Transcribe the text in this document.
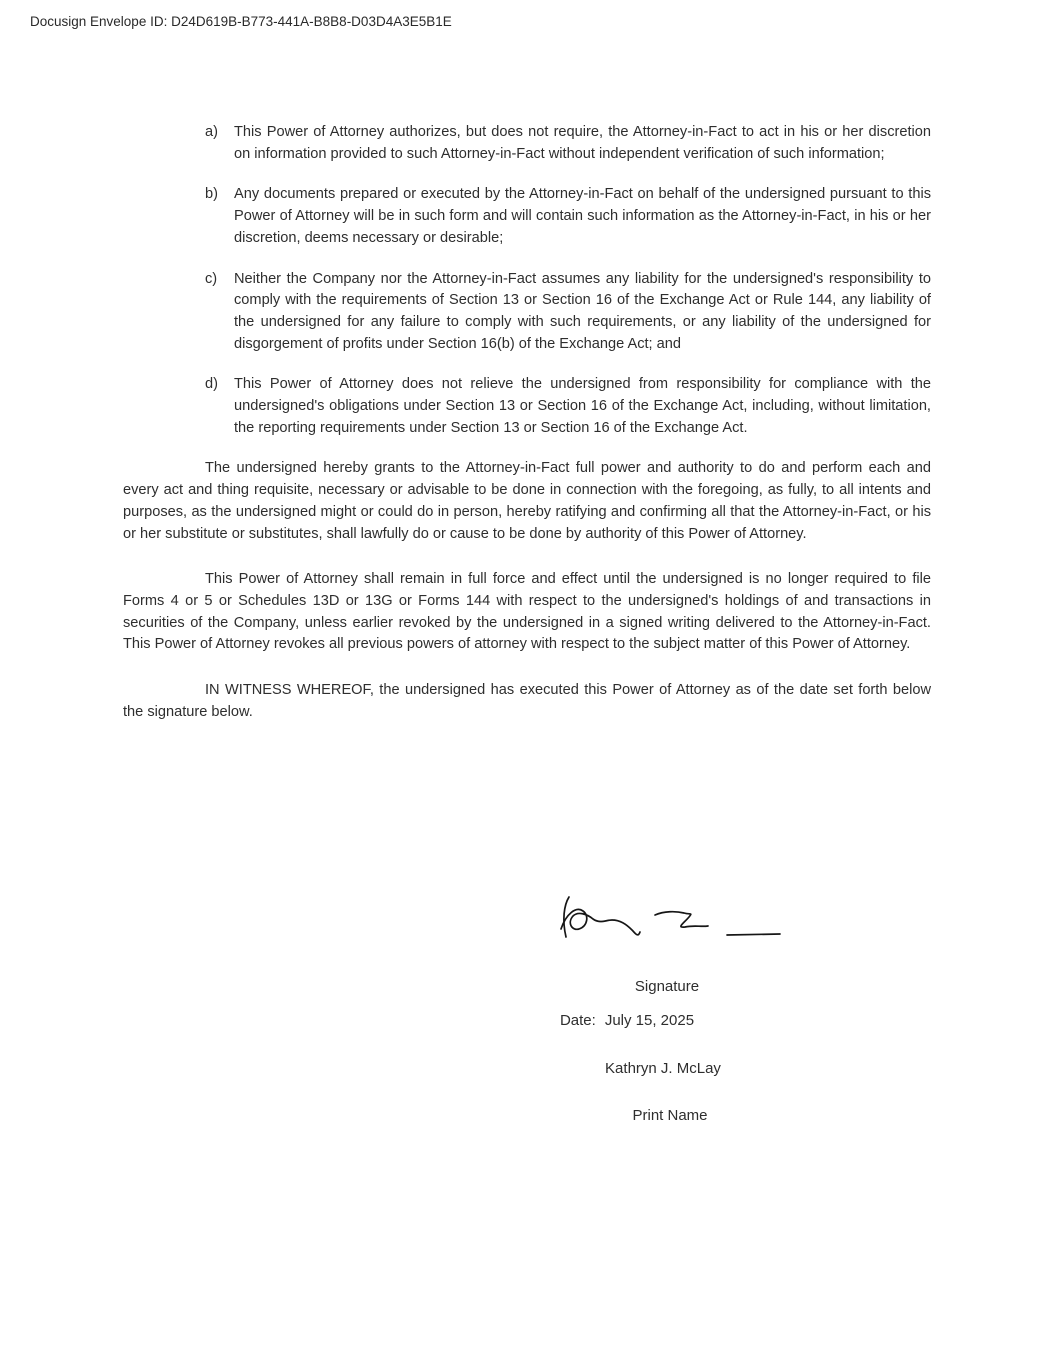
Docusign Envelope ID: D24D619B-B773-441A-B8B8-D03D4A3E5B1E
a) This Power of Attorney authorizes, but does not require, the Attorney-in-Fact to act in his or her discretion on information provided to such Attorney-in-Fact without independent verification of such information;
b) Any documents prepared or executed by the Attorney-in-Fact on behalf of the undersigned pursuant to this Power of Attorney will be in such form and will contain such information as the Attorney-in-Fact, in his or her discretion, deems necessary or desirable;
c) Neither the Company nor the Attorney-in-Fact assumes any liability for the undersigned's responsibility to comply with the requirements of Section 13 or Section 16 of the Exchange Act or Rule 144, any liability of the undersigned for any failure to comply with such requirements, or any liability of the undersigned for disgorgement of profits under Section 16(b) of the Exchange Act; and
d) This Power of Attorney does not relieve the undersigned from responsibility for compliance with the undersigned's obligations under Section 13 or Section 16 of the Exchange Act, including, without limitation, the reporting requirements under Section 13 or Section 16 of the Exchange Act.

The undersigned hereby grants to the Attorney-in-Fact full power and authority to do and perform each and every act and thing requisite, necessary or advisable to be done in connection with the foregoing, as fully, to all intents and purposes, as the undersigned might or could do in person, hereby ratifying and confirming all that the Attorney-in-Fact, or his or her substitute or substitutes, shall lawfully do or cause to be done by authority of this Power of Attorney.

This Power of Attorney shall remain in full force and effect until the undersigned is no longer required to file Forms 4 or 5 or Schedules 13D or 13G or Forms 144 with respect to the undersigned's holdings of and transactions in securities of the Company, unless earlier revoked by the undersigned in a signed writing delivered to the Attorney-in-Fact. This Power of Attorney revokes all previous powers of attorney with respect to the subject matter of this Power of Attorney.

IN WITNESS WHEREOF, the undersigned has executed this Power of Attorney as of the date set forth below the signature below.

Signature
Date: July 15, 2025
Kathryn J. McLay
Print Name
